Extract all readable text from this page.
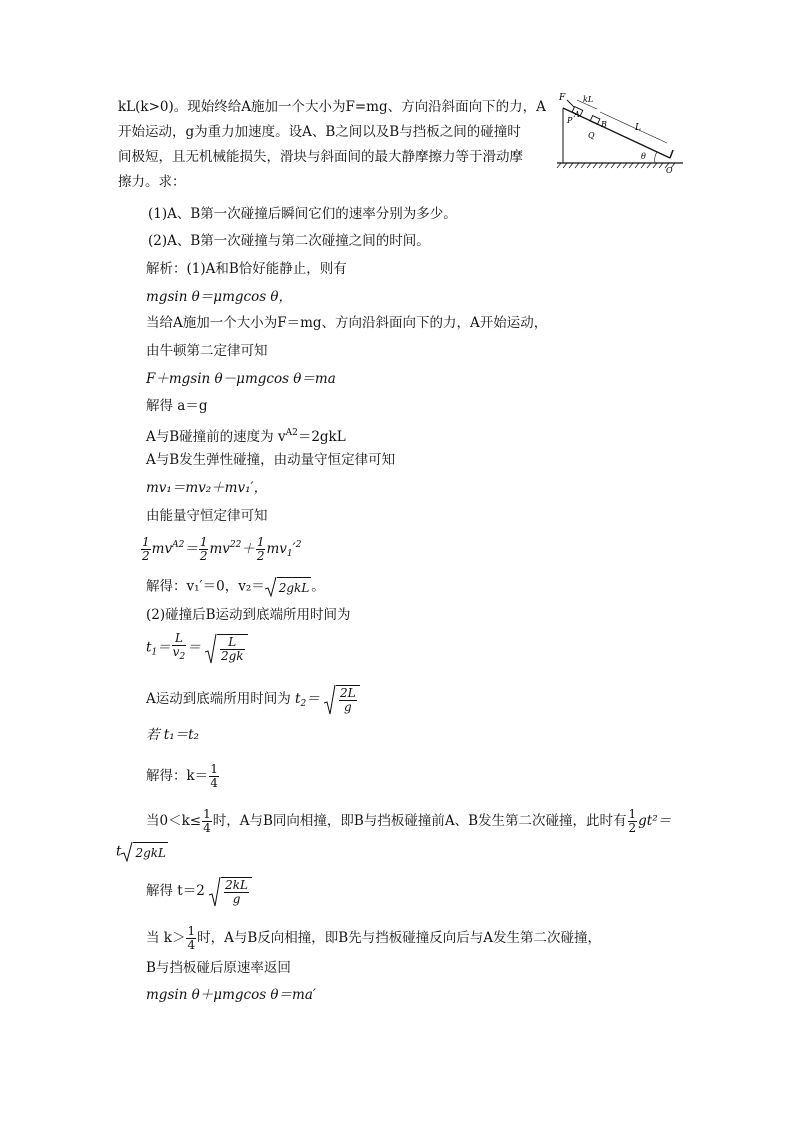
kL(k>0)。现始终给A施加一个大小为F=mg、方向沿斜面向下的力，A
开始运动，g为重力加速度。设A、B之间以及B与挡板之间的碰撞时
间极短，且无机械能损失，滑块与斜面间的最大静摩擦力等于滑动摩
擦力。求：
F
A
kL
P	B
Q
L
θ
O
(1)A、B第一次碰撞后瞬间它们的速率分别为多少。
(2)A、B第一次碰撞与第二次碰撞之间的时间。
解析：(1)A和B恰好能静止，则有
mgsin θ＝μmgcos θ，
当给A施加一个大小为F＝mg、方向沿斜面向下的力，A开始运动，
由牛顿第二定律可知
F＋mgsin θ－μmgcos θ＝ma
解得 a＝g
A与B碰撞前的速度为 $v^{A2}=2gkL$
A与B发生弹性碰撞，由动量守恒定律可知
mv₁＝mv₂＋mv₁′，
由能量守恒定律可知
$\frac{1}{2} mv^{A2}= \frac{1}{2} mv^{22}+ \frac{1}{2} mv_1'^2$
解得：v₁′＝0，v₂＝ 2gkL 。
(2)碰撞后B运动到底端所用时间为
$t_1= \frac{L}{v_2} = \frac{L}{2gk}$
A运动到底端所用时间为 $t_2= \frac{2L}{g}$
若 t₁＝t₂
解得：$k= \frac{1}{4}$
当$0<k\le \frac{1}{4}$ 时，A与B同向相撞，即B与挡板碰撞前A、B发生第二次碰撞，此时有 $\frac{1}{2} gt^2=$
t 2gkL
解得 $t=2 \frac{2kL}{g}$
当 $k> \frac{1}{4}$ 时，A与B反向相撞，即B先与挡板碰撞反向后与A发生第二次碰撞，
B与挡板碰后原速率返回
mgsin θ＋μmgcos θ＝ma′
